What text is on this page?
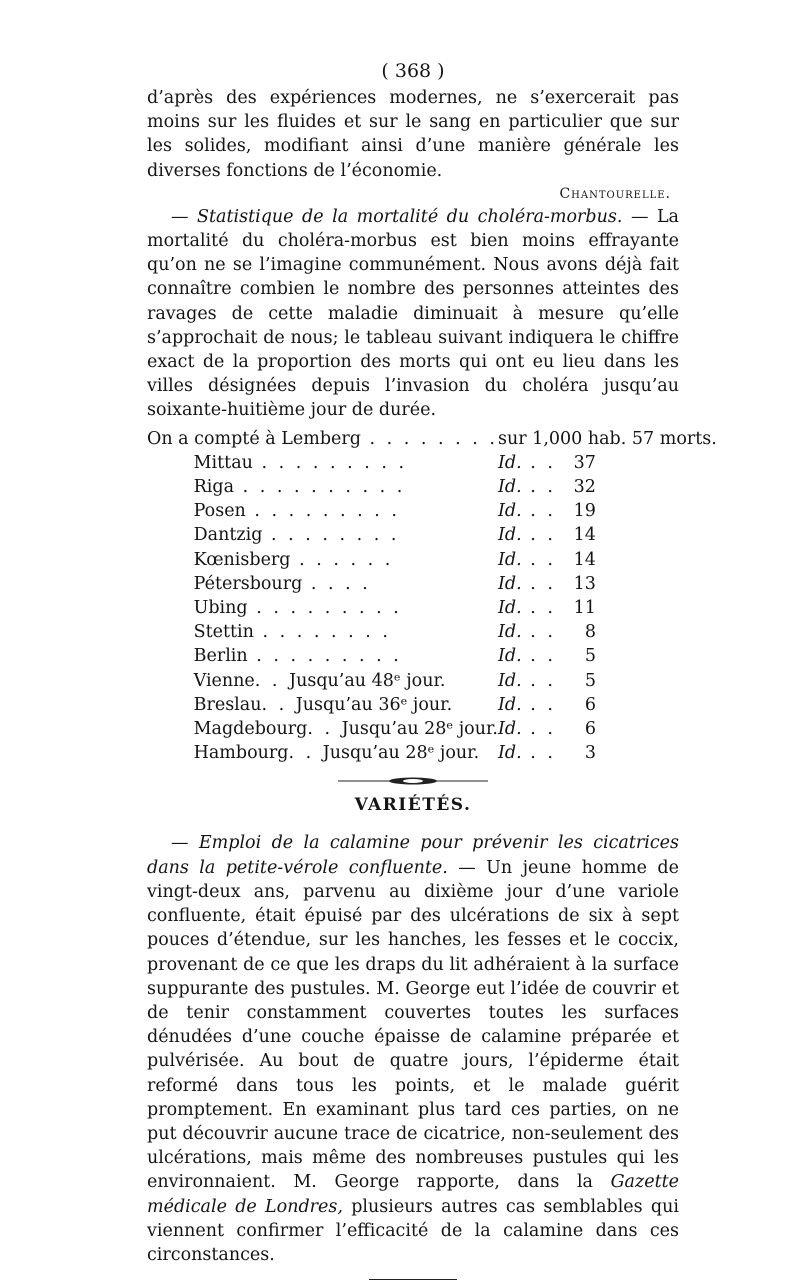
( 368 )

d’après des expériences modernes, ne s’exercerait pas moins sur les fluides et sur le sang en particulier que sur les solides, modifiant ainsi d’une manière générale les diverses fonctions de l’économie.

Chantourelle.

— Statistique de la mortalité du choléra-morbus. — La mortalité du choléra-morbus est bien moins effrayante qu’on ne se l’imagine communément. Nous avons déjà fait connaître combien le nombre des personnes atteintes des ravages de cette maladie diminuait à mesure qu’elle s’approchait de nous; le tableau suivant indiquera le chiffre exact de la proportion des morts qui ont eu lieu dans les villes désignées depuis l’invasion du choléra jusqu’au soixante-huitième jour de durée.

On a compté à Lemberg . . . . . . . .		sur 1,000 hab. 57 morts.		
	Mittau . . . . . . . . .	Id. . .	37	
	Riga . . . . . . . . . .	Id. . .	32	
	Posen . . . . . . . . .	Id. . .	19	
	Dantzig . . . . . . . .	Id. . .	14	
	Kœnisberg . . . . . .	Id. . .	14	
	Pétersbourg . . . .	Id. . .	13	
	Ubing . . . . . . . . .	Id. . .	11	
	Stettin . . . . . . . .	Id. . .	8	
	Berlin . . . . . . . . .	Id. . .	5	
	Vienne. . Jusqu’au 48ᵉ jour.	Id. . .	5	
	Breslau. . Jusqu’au 36ᵉ jour.	Id. . .	6	
	Magdebourg. . Jusqu’au 28ᵉ jour.	Id. . .	6	
	Hambourg. . Jusqu’au 28ᵉ jour.	Id. . .	3	
VARIÉTÉS.

— Emploi de la calamine pour prévenir les cicatrices dans la petite-vérole confluente. — Un jeune homme de vingt-deux ans, parvenu au dixième jour d’une variole confluente, était épuisé par des ulcérations de six à sept pouces d’étendue, sur les hanches, les fesses et le coccix, provenant de ce que les draps du lit adhéraient à la surface suppurante des pustules. M. George eut l’idée de couvrir et de tenir constamment couvertes toutes les surfaces dénudées d’une couche épaisse de calamine préparée et pulvérisée. Au bout de quatre jours, l’épiderme était reformé dans tous les points, et le malade guérit promptement. En examinant plus tard ces parties, on ne put découvrir aucune trace de cicatrice, non-seulement des ulcérations, mais même des nombreuses pustules qui les environnaient. M. George rapporte, dans la Gazette médicale de Londres, plusieurs autres cas semblables qui viennent confirmer l’efficacité de la calamine dans ces circonstances.
